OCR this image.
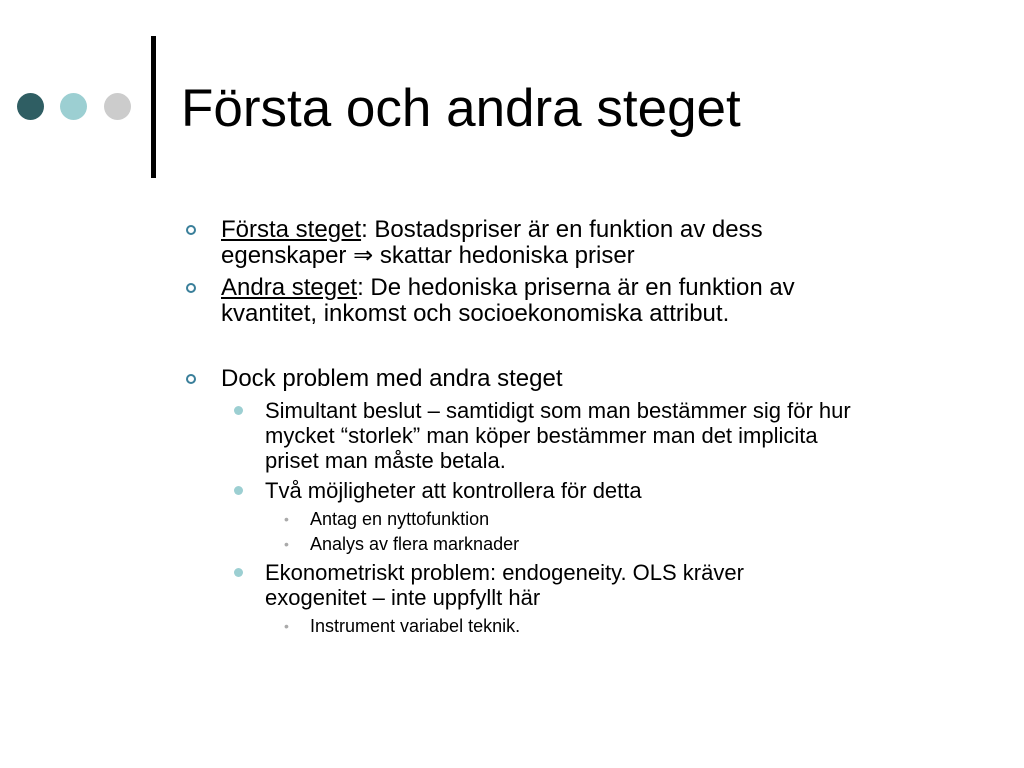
Första och andra steget
Första steget: Bostadspriser är en funktion av dess
egenskaper ⇒ skattar hedoniska priser
Andra steget: De hedoniska priserna är en funktion av
kvantitet, inkomst och socioekonomiska attribut.
Dock problem med andra steget
Simultant beslut – samtidigt som man bestämmer sig för hur
mycket “storlek” man köper bestämmer man det implicita
priset man måste betala.
Två möjligheter att kontrollera för detta
• Antag en nyttofunktion
• Analys av flera marknader
Ekonometriskt problem: endogeneity. OLS kräver
exogenitet – inte uppfyllt här
• Instrument variabel teknik.
